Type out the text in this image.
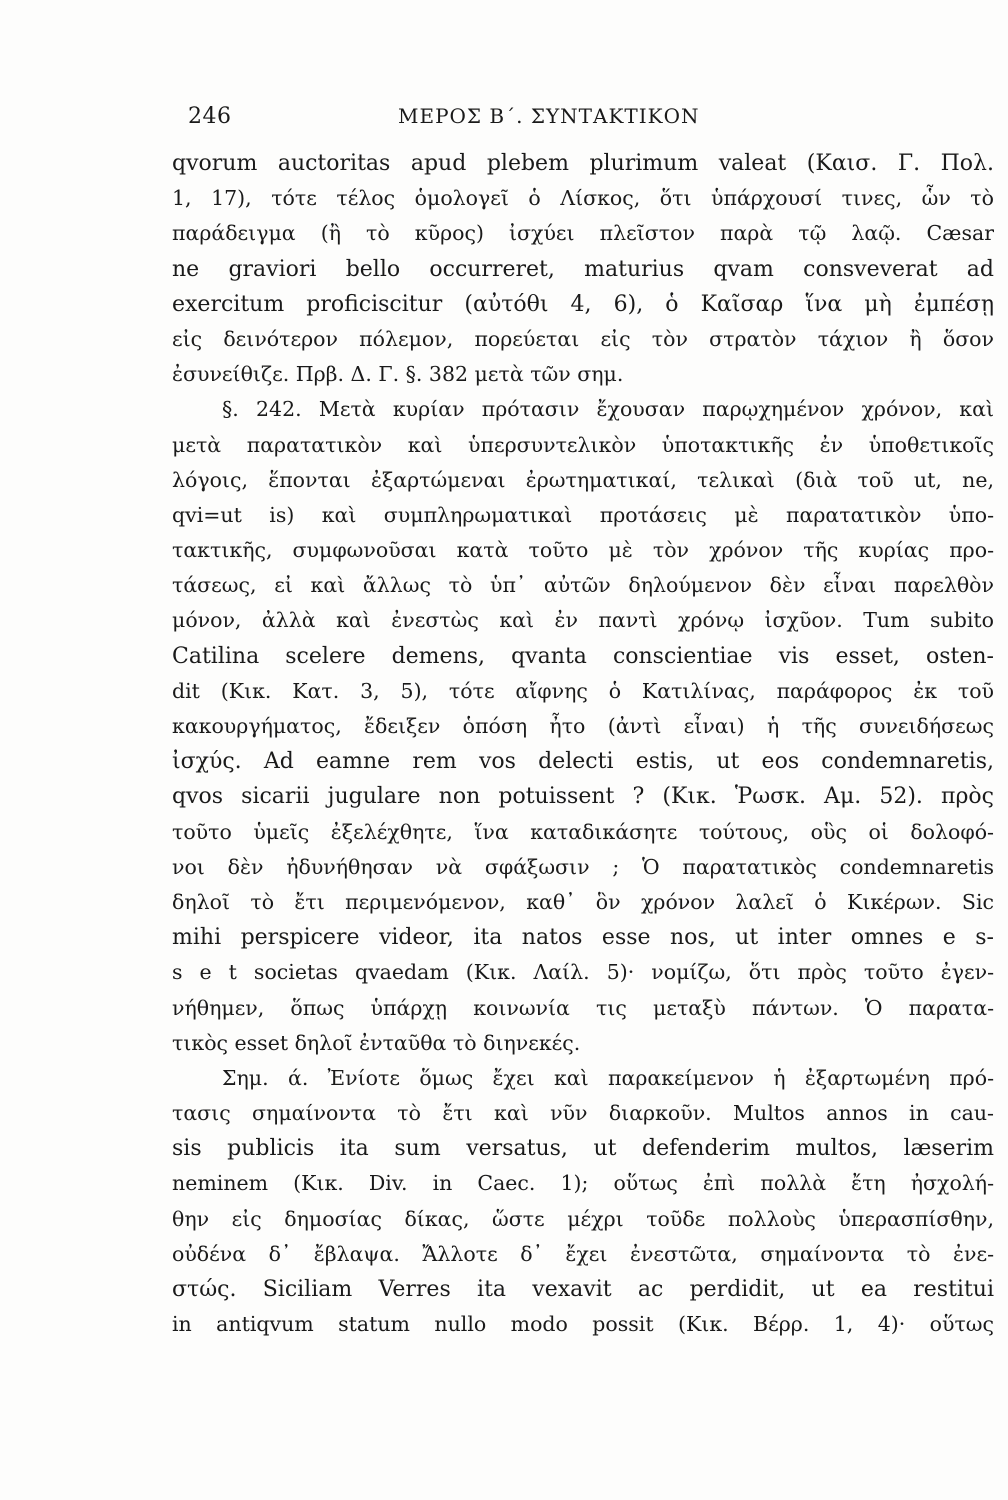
246	ΜΕΡΟΣ Β΄. ΣΥΝΤΑΚΤΙΚΟΝ
qvorum auctoritas apud plebem plurimum valeat (Καισ. Γ. Πολ.
1, 17), τότε τέλος ὁμολογεῖ ὁ Λίσκος, ὅτι ὑπάρχουσί τινες, ὧν τὸ
παράδειγμα (ἢ τὸ κῦρος) ἰσχύει πλεῖστον παρὰ τῷ λαῷ. Cæsar
ne graviori bello occurreret, maturius qvam consveverat ad
exercitum proficiscitur (αὐτόθι 4, 6), ὁ Καῖσαρ ἵνα μὴ ἐμπέσῃ
εἰς δεινότερον πόλεμον, πορεύεται εἰς τὸν στρατὸν τάχιον ἢ ὅσον
ἐσυνείθιζε. Πρβ. Δ. Γ. §. 382 μετὰ τῶν σημ.
§. 242. Μετὰ κυρίαν πρότασιν ἔχουσαν παρῳχημένον χρόνον, καὶ
μετὰ παρατατικὸν καὶ ὑπερσυντελικὸν ὑποτακτικῆς ἐν ὑποθετικοῖς
λόγοις, ἕπονται ἐξαρτώμεναι ἐρωτηματικαί, τελικαὶ (διὰ τοῦ ut, ne,
qvi=ut is) καὶ συμπληρωματικαὶ προτάσεις μὲ παρατατικὸν ὑπο-
τακτικῆς, συμφωνοῦσαι κατὰ τοῦτο μὲ τὸν χρόνον τῆς κυρίας προ-
τάσεως, εἰ καὶ ἄλλως τὸ ὑπ᾽ αὐτῶν δηλούμενον δὲν εἶναι παρελθὸν
μόνον, ἀλλὰ καὶ ἐνεστὼς καὶ ἐν παντὶ χρόνῳ ἰσχῦον. Tum subito
Catilina scelere demens, qvanta conscientiae vis esset, osten-
dit (Κικ. Κατ. 3, 5), τότε αἴφνης ὁ Κατιλίνας, παράφορος ἐκ τοῦ
κακουργήματος, ἔδειξεν ὁπόση ἦτο (ἀντὶ εἶναι) ἡ τῆς συνειδήσεως
ἰσχύς. Ad eamne rem vos delecti estis, ut eos condemnaretis,
qvos sicarii jugulare non potuissent ? (Κικ. Ῥωσκ. Αμ. 52). πρὸς
τοῦτο ὑμεῖς ἐξελέχθητε, ἵνα καταδικάσητε τούτους, οὓς οἱ δολοφό-
νοι δὲν ἠδυνήθησαν νὰ σφάξωσιν ; Ὁ παρατατικὸς condemnaretis
δηλοῖ τὸ ἔτι περιμενόμενον, καθ᾽ ὃν χρόνον λαλεῖ ὁ Κικέρων. Sic
mihi perspicere videor, ita natos esse nos, ut inter omnes e s-
s e t societas qvaedam (Κικ. Λαίλ. 5)· νομίζω, ὅτι πρὸς τοῦτο ἐγεν-
νήθημεν, ὅπως ὑπάρχῃ κοινωνία τις μεταξὺ πάντων. Ὁ παρατα-
τικὸς esset δηλοῖ ἐνταῦθα τὸ διηνεκές.
Σημ. ά. Ἐνίοτε ὅμως ἔχει καὶ παρακείμενον ἡ ἐξαρτωμένη πρό-
τασις σημαίνοντα τὸ ἔτι καὶ νῦν διαρκοῦν. Multos annos in cau-
sis publicis ita sum versatus, ut defenderim multos, læserim
neminem (Κικ. Div. in Caec. 1); οὕτως ἐπὶ πολλὰ ἔτη ἠσχολή-
θην εἰς δημοσίας δίκας, ὥστε μέχρι τοῦδε πολλοὺς ὑπερασπίσθην,
οὐδένα δ᾽ ἔβλαψα. Ἄλλοτε δ᾽ ἔχει ἐνεστῶτα, σημαίνοντα τὸ ἐνε-
στώς. Siciliam Verres ita vexavit ac perdidit, ut ea restitui
in antiqvum statum nullo modo possit (Κικ. Βέρρ. 1, 4)· οὕτως
